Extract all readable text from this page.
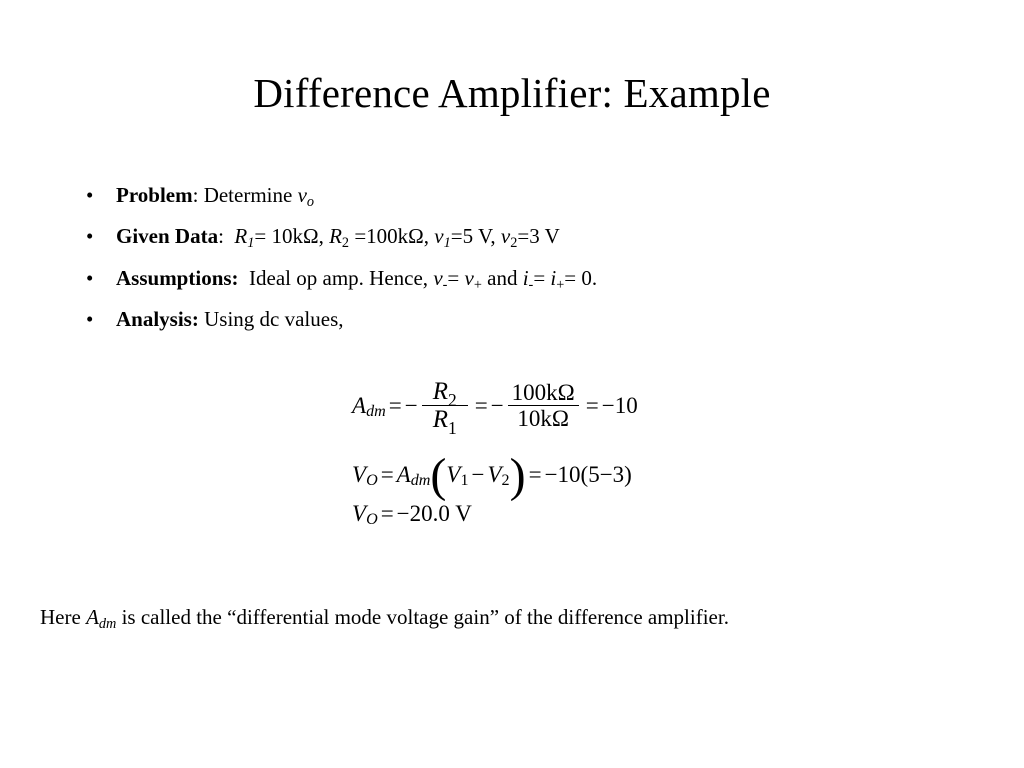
Difference Amplifier: Example
•	Problem: Determine $v_o$
•	Given Data:  $R_1= 10k\Omega$, $R_2 =100k\Omega$, $v_1=5$ V, $v_2=3$ V
•	Assumptions:  Ideal op amp. Hence, $v_-= v_+$ and $i_-= i_+= 0$.
•	Analysis: Using dc values,
A dm = − $\frac{R_2}{R_1}$ = − $\frac{100k\Omega}{10k\Omega} = -10$
V O = A dm ( V 1 − V 2 ) = −10(5−3)
V O = −20.0 V
Here $A_{dm}$ is called the “differential mode voltage gain” of the difference amplifier.
